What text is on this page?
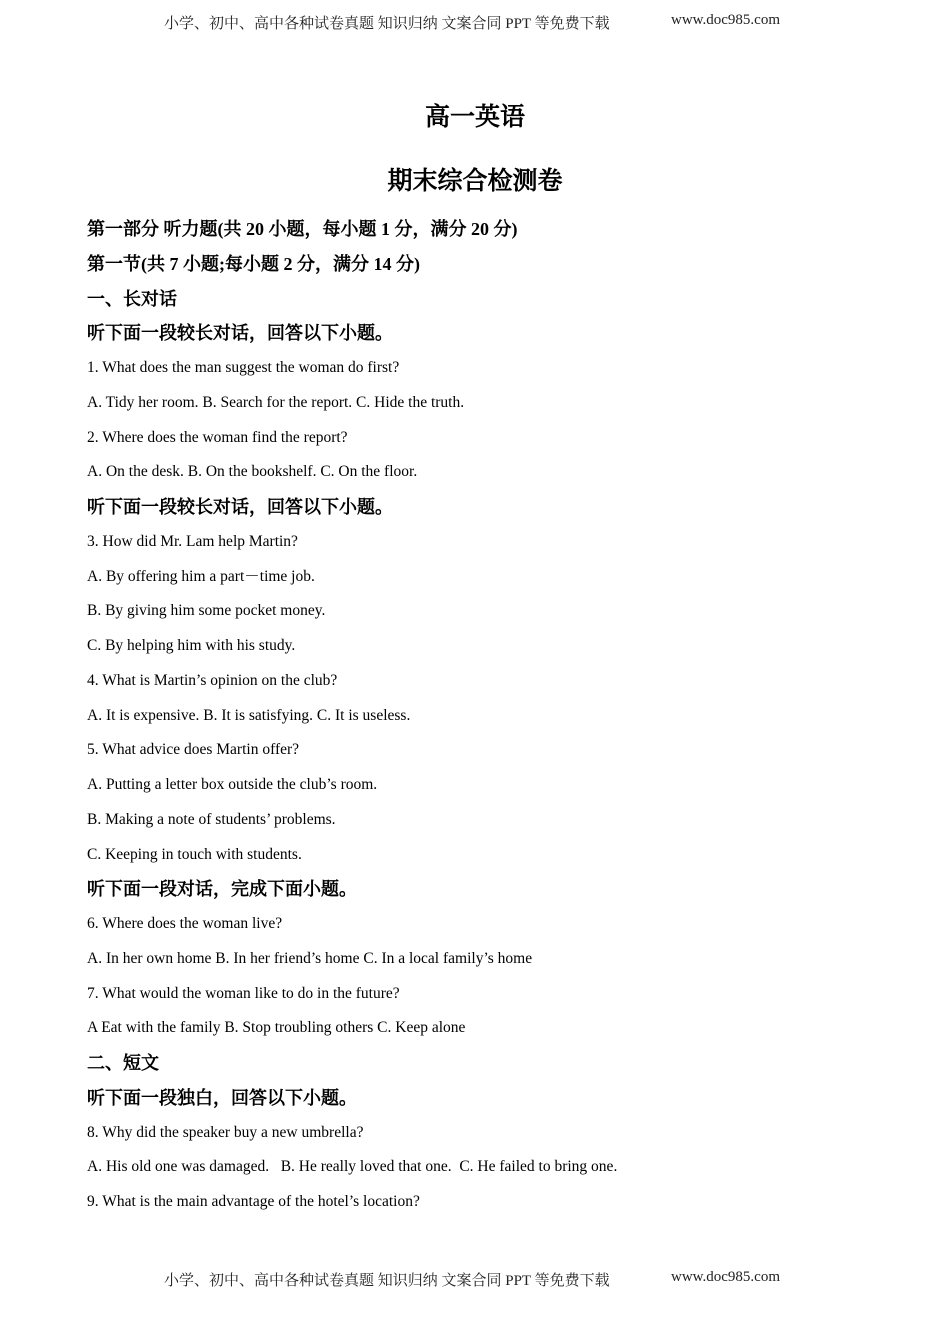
小学、初中、高中各种试卷真题 知识归纳 文案合同 PPT 等免费下载	www.doc985.com
高一英语
期末综合检测卷
第一部分 听力题(共 20 小题，每小题 1 分，满分 20 分)
第一节(共 7 小题;每小题 2 分，满分 14 分)
一、长对话
听下面一段较长对话，回答以下小题。
1. What does the man suggest the woman do first?
A. Tidy her room. B. Search for the report. C. Hide the truth.
2. Where does the woman find the report?
A. On the desk. B. On the bookshelf. C. On the floor.
听下面一段较长对话，回答以下小题。
3. How did Mr. Lam help Martin?
A. By offering him a part－time job.
B. By giving him some pocket money.
C. By helping him with his study.
4. What is Martin’s opinion on the club?
A. It is expensive. B. It is satisfying. C. It is useless.
5. What advice does Martin offer?
A. Putting a letter box outside the club’s room.
B. Making a note of students’ problems.
C. Keeping in touch with students.
听下面一段对话，完成下面小题。
6. Where does the woman live?
A. In her own home B. In her friend’s home C. In a local family’s home
7. What would the woman like to do in the future?
A Eat with the family B. Stop troubling others C. Keep alone
二、短文
听下面一段独白，回答以下小题。
8. Why did the speaker buy a new umbrella?
A. His old one was damaged.   B. He really loved that one.  C. He failed to bring one.
9. What is the main advantage of the hotel’s location?
小学、初中、高中各种试卷真题 知识归纳 文案合同 PPT 等免费下载	www.doc985.com
